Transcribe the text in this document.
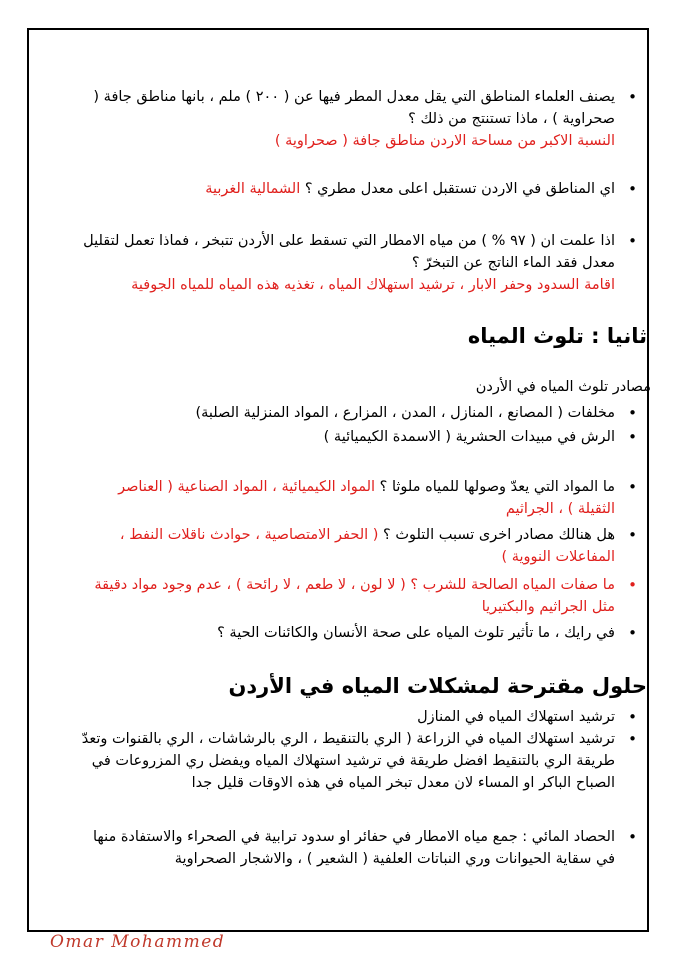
• يصنف العلماء المناطق التي يقل معدل المطر فيها عن ( ٢٠٠ ) ملم ، بانها مناطق جافة ( صحراوية ) ، ماذا تستنتج من ذلك ؟
النسبة الاكبر من مساحة الاردن مناطق جافة ( صحراوية )
• اي المناطق في الاردن تستقبل اعلى معدل مطري ؟ الشمالية الغربية
• اذا علمت ان ( ٩٧ % ) من مياه الامطار التي تسقط على الأردن تتبخر ، فماذا تعمل لتقليل معدل فقد الماء الناتج عن التبخرّ ؟
اقامة السدود وحفر الابار ، ترشيد استهلاك المياه ، تغذيه هذه المياه للمياه الجوفية
ثانيا : تلوث المياه
مصادر تلوث المياه في الأردن
• مخلفات ( المصانع ، المنازل ، المدن ، المزارع ، المواد المنزلية الصلبة)
• الرش في مبيدات الحشرية ( الاسمدة الكيميائية )
• ما المواد التي يعدّ وصولها للمياه ملوثا ؟ المواد الكيميائية ، المواد الصناعية ( العناصر الثقيلة ) ، الجراثيم
• هل هنالك مصادر اخرى تسبب التلوث ؟ ( الحفر الامتصاصية ، حوادث ناقلات النفط ، المفاعلات النووية )
• ما صفات المياه الصالحة للشرب ؟ ( لا لون ، لا طعم ، لا رائحة ) ، عدم وجود مواد دقيقة مثل الجراثيم والبكتيريا
• في رايك ، ما تأثير تلوث المياه على صحة الأنسان والكائنات الحية ؟
حلول مقترحة لمشكلات المياه في الأردن
• ترشيد استهلاك المياه في المنازل
• ترشيد استهلاك المياه في الزراعة ( الري بالتنقيط ، الري بالرشاشات ، الري بالقنوات وتعدّ طريقة الري بالتنقيط افضل طريقة في ترشيد استهلاك المياه ويفضل ري المزروعات في الصباح الباكر او المساء لان معدل تبخر المياه في هذه الاوقات قليل جدا
• الحصاد المائي : جمع مياه الامطار في حفائر او سدود ترابية في الصحراء والاستفادة منها في سقاية الحيوانات وري النباتات العلفية ( الشعير ) ، والاشجار الصحراوية
Omar Mohammed
